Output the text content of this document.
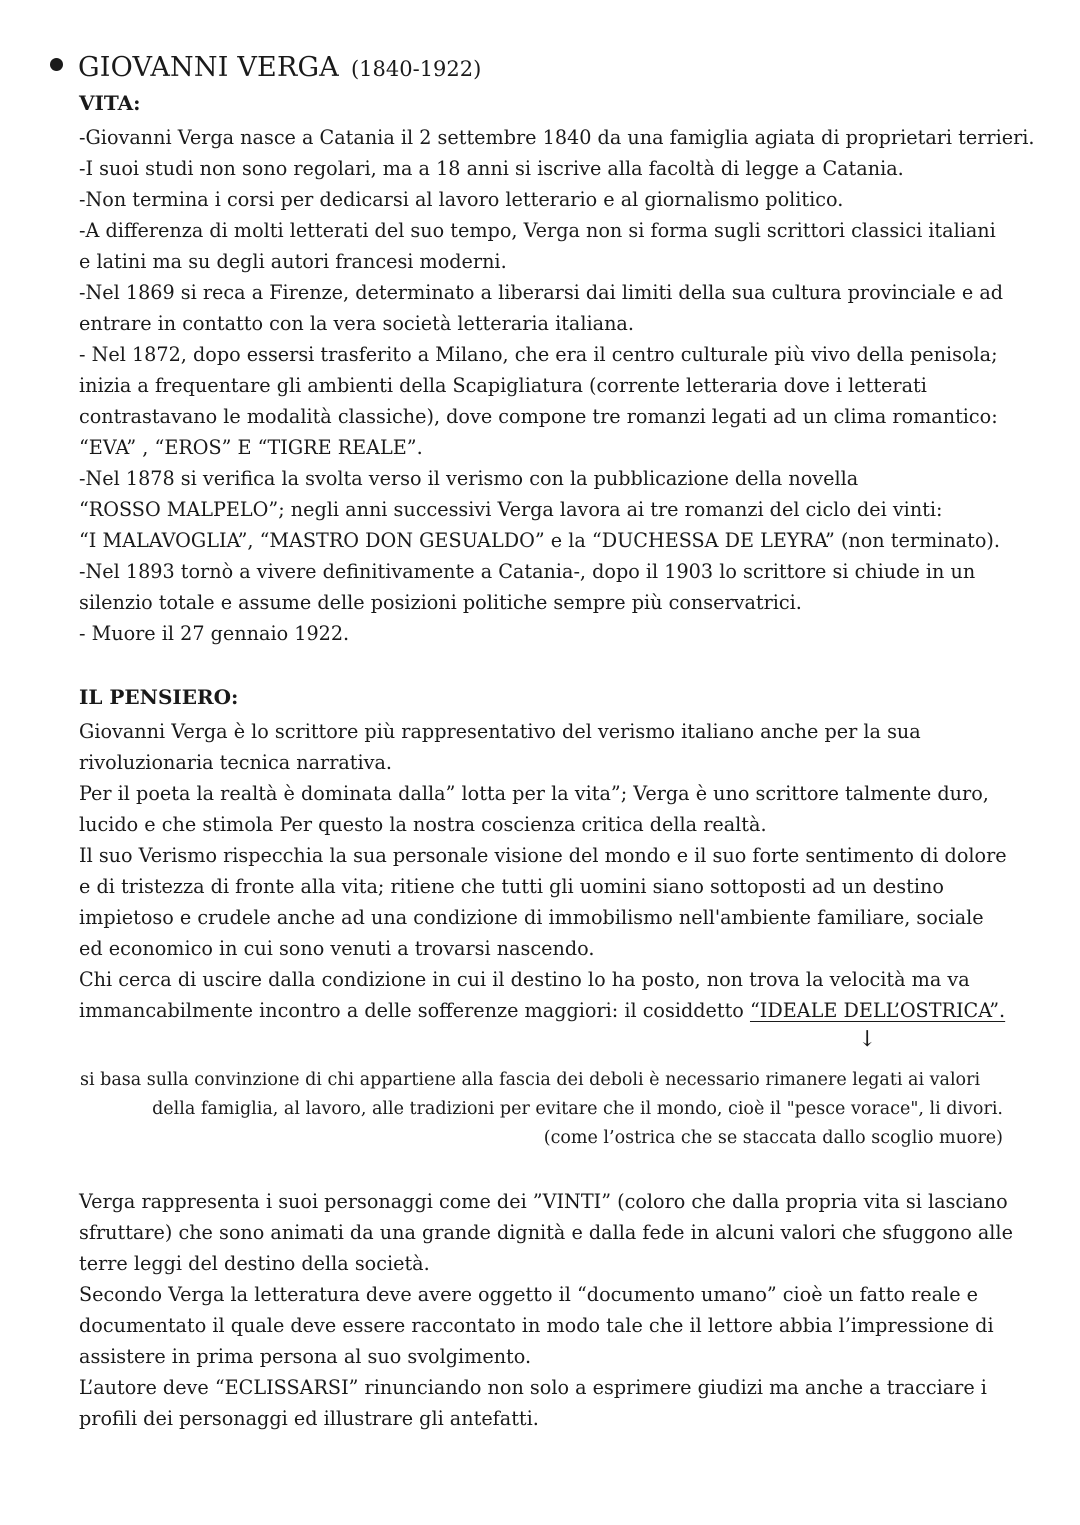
GIOVANNI VERGA (1840-1922)
VITA:
-Giovanni Verga nasce a Catania il 2 settembre 1840 da una famiglia agiata di proprietari terrieri.
-I suoi studi non sono regolari, ma a 18 anni si iscrive alla facoltà di legge a Catania.
-Non termina i corsi per dedicarsi al lavoro letterario e al giornalismo politico.
-A differenza di molti letterati del suo tempo, Verga non si forma sugli scrittori classici italiani
e latini ma su degli autori francesi moderni.
-Nel 1869 si reca a Firenze, determinato a liberarsi dai limiti della sua cultura provinciale e ad
entrare in contatto con la vera società letteraria italiana.
- Nel 1872, dopo essersi trasferito a Milano, che era il centro culturale più vivo della penisola;
inizia a frequentare gli ambienti della Scapigliatura (corrente letteraria dove i letterati
contrastavano le modalità classiche), dove compone tre romanzi legati ad un clima romantico:
“EVA” , “EROS” E “TIGRE REALE”.
-Nel 1878 si verifica la svolta verso il verismo con la pubblicazione della novella
“ROSSO MALPELO”; negli anni successivi Verga lavora ai tre romanzi del ciclo dei vinti:
“I MALAVOGLIA”, “MASTRO DON GESUALDO” e la “DUCHESSA DE LEYRA” (non terminato).
-Nel 1893 tornò a vivere definitivamente a Catania-, dopo il 1903 lo scrittore si chiude in un
silenzio totale e assume delle posizioni politiche sempre più conservatrici.
- Muore il 27 gennaio 1922.
IL PENSIERO:
Giovanni Verga è lo scrittore più rappresentativo del verismo italiano anche per la sua
rivoluzionaria tecnica narrativa.
Per il poeta la realtà è dominata dalla” lotta per la vita”; Verga è uno scrittore talmente duro,
lucido e che stimola Per questo la nostra coscienza critica della realtà.
Il suo Verismo rispecchia la sua personale visione del mondo e il suo forte sentimento di dolore
e di tristezza di fronte alla vita; ritiene che tutti gli uomini siano sottoposti ad un destino
impietoso e crudele anche ad una condizione di immobilismo nell'ambiente familiare, sociale
ed economico in cui sono venuti a trovarsi nascendo.
Chi cerca di uscire dalla condizione in cui il destino lo ha posto, non trova la velocità ma va
immancabilmente incontro a delle sofferenze maggiori: il cosiddetto “IDEALE DELL’OSTRICA”.
↓
si basa sulla convinzione di chi appartiene alla fascia dei deboli è necessario rimanere legati ai valori
della famiglia, al lavoro, alle tradizioni per evitare che il mondo, cioè il "pesce vorace", li divori.
(come l’ostrica che se staccata dallo scoglio muore)
Verga rappresenta i suoi personaggi come dei ”VINTI” (coloro che dalla propria vita si lasciano
sfruttare) che sono animati da una grande dignità e dalla fede in alcuni valori che sfuggono alle
terre leggi del destino della società.
Secondo Verga la letteratura deve avere oggetto il “documento umano” cioè un fatto reale e
documentato il quale deve essere raccontato in modo tale che il lettore abbia l’impressione di
assistere in prima persona al suo svolgimento.
L’autore deve “ECLISSARSI” rinunciando non solo a esprimere giudizi ma anche a tracciare i
profili dei personaggi ed illustrare gli antefatti.
